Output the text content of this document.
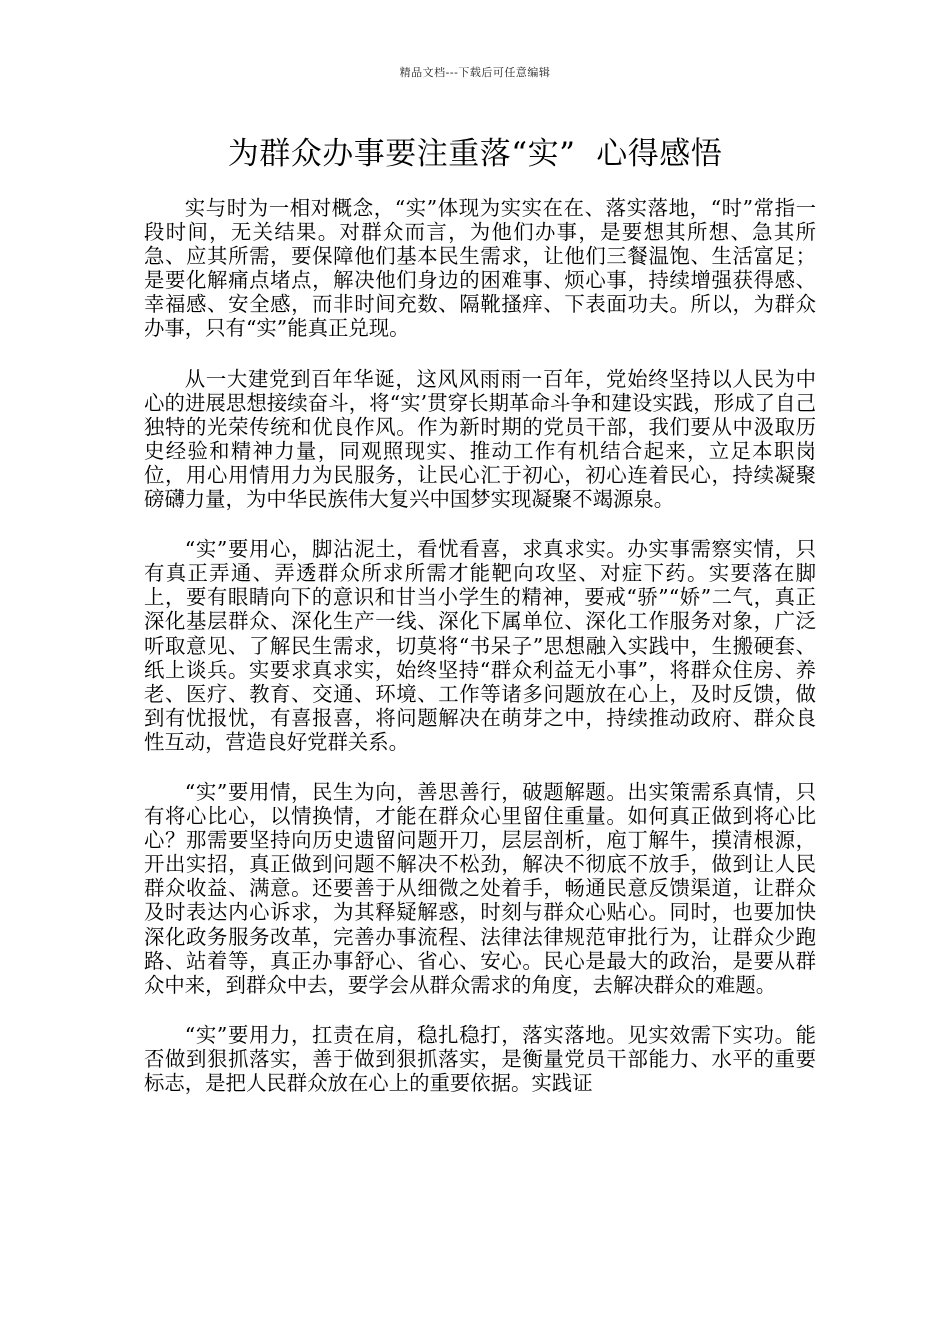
精品文档---下载后可任意编辑
为群众办事要注重落“实”  心得感悟

实与时为一相对概念，“实”体现为实实在在、落实落地，“时”常指一段时间，无关结果。对群众而言，为他们办事，是要想其所想、急其所急、应其所需，要保障他们基本民生需求，让他们三餐温饱、生活富足；是要化解痛点堵点，解决他们身边的困难事、烦心事，持续增强获得感、幸福感、安全感，而非时间充数、隔靴搔痒、下表面功夫。所以，为群众办事，只有“实”能真正兑现。

从一大建党到百年华诞，这风风雨雨一百年，党始终坚持以人民为中心的进展思想接续奋斗，将“实’贯穿长期革命斗争和建设实践，形成了自己独特的光荣传统和优良作风。作为新时期的党员干部，我们要从中汲取历史经验和精神力量，同观照现实、推动工作有机结合起来，立足本职岗位，用心用情用力为民服务，让民心汇于初心，初心连着民心，持续凝聚磅礴力量，为中华民族伟大复兴中国梦实现凝聚不竭源泉。

“实”要用心，脚沾泥土，看忧看喜，求真求实。办实事需察实情，只有真正弄通、弄透群众所求所需才能靶向攻坚、对症下药。实要落在脚上，要有眼睛向下的意识和甘当小学生的精神，要戒“骄”“娇”二气，真正深化基层群众、深化生产一线、深化下属单位、深化工作服务对象，广泛听取意见、了解民生需求，切莫将“书呆子”思想融入实践中，生搬硬套、纸上谈兵。实要求真求实，始终坚持“群众利益无小事”，将群众住房、养老、医疗、教育、交通、环境、工作等诸多问题放在心上，及时反馈，做到有忧报忧，有喜报喜，将问题解决在萌芽之中，持续推动政府、群众良性互动，营造良好党群关系。

“实”要用情，民生为向，善思善行，破题解题。出实策需系真情，只有将心比心，以情换情，才能在群众心里留住重量。如何真正做到将心比心？那需要坚持向历史遗留问题开刀，层层剖析，庖丁解牛，摸清根源，开出实招，真正做到问题不解决不松劲，解决不彻底不放手，做到让人民群众收益、满意。还要善于从细微之处着手，畅通民意反馈渠道，让群众及时表达内心诉求，为其释疑解惑，时刻与群众心贴心。同时，也要加快深化政务服务改革，完善办事流程、法律法律规范审批行为，让群众少跑路、站着等，真正办事舒心、省心、安心。民心是最大的政治，是要从群众中来，到群众中去，要学会从群众需求的角度，去解决群众的难题。

“实”要用力，扛责在肩，稳扎稳打，落实落地。见实效需下实功。能否做到狠抓落实，善于做到狠抓落实，是衡量党员干部能力、水平的重要标志，是把人民群众放在心上的重要依据。实践证
